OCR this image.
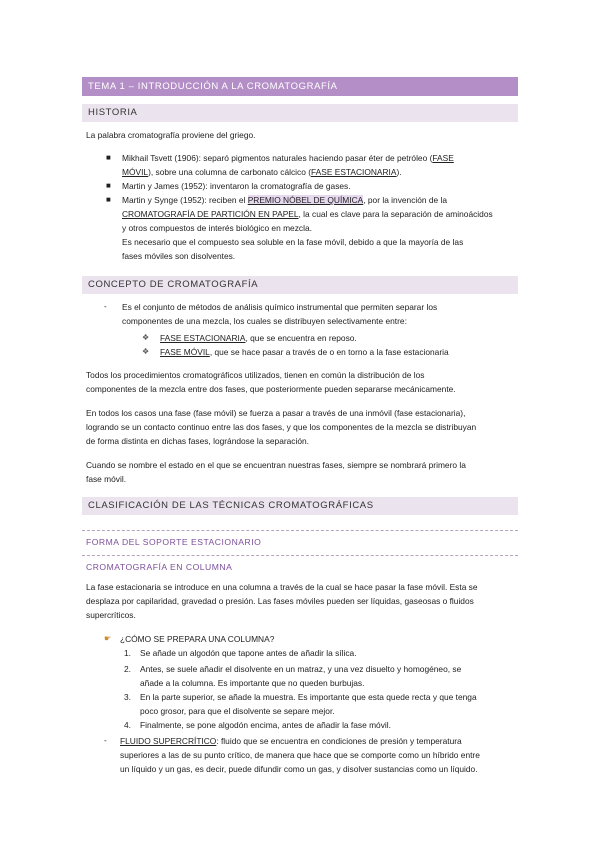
TEMA 1 – INTRODUCCIÓN A LA CROMATOGRAFÍA
HISTORIA
La palabra cromatografía proviene del griego.
■ Mikhail Tsvett (1906): separó pigmentos naturales haciendo pasar éter de petróleo (FASE
MÓVIL), sobre una columna de carbonato cálcico (FASE ESTACIONARIA).
■ Martin y James (1952): inventaron la cromatografía de gases.
■ Martin y Synge (1952): reciben el PREMIO NÓBEL DE QUÍMICA, por la invención de la
CROMATOGRAFÍA DE PARTICIÓN EN PAPEL, la cual es clave para la separación de aminoácidos
y otros compuestos de interés biológico en mezcla.
Es necesario que el compuesto sea soluble en la fase móvil, debido a que la mayoría de las
fases móviles son disolventes.
CONCEPTO DE CROMATOGRAFÍA
- Es el conjunto de métodos de análisis químico instrumental que permiten separar los
componentes de una mezcla, los cuales se distribuyen selectivamente entre:
❖ FASE ESTACIONARIA, que se encuentra en reposo.
❖ FASE MÓVIL, que se hace pasar a través de o en torno a la fase estacionaria
Todos los procedimientos cromatográficos utilizados, tienen en común la distribución de los
componentes de la mezcla entre dos fases, que posteriormente pueden separarse mecánicamente.
En todos los casos una fase (fase móvil) se fuerza a pasar a través de una inmóvil (fase estacionaria),
logrando se un contacto continuo entre las dos fases, y que los componentes de la mezcla se distribuyan
de forma distinta en dichas fases, lográndose la separación.
Cuando se nombre el estado en el que se encuentran nuestras fases, siempre se nombrará primero la
fase móvil.
CLASIFICACIÓN DE LAS TÉCNICAS CROMATOGRÁFICAS
FORMA DEL SOPORTE ESTACIONARIO
CROMATOGRAFÍA EN COLUMNA
La fase estacionaria se introduce en una columna a través de la cual se hace pasar la fase móvil. Esta se
desplaza por capilaridad, gravedad o presión. Las fases móviles pueden ser líquidas, gaseosas o fluidos
supercríticos.
☛ ¿CÓMO SE PREPARA UNA COLUMNA?
1. Se añade un algodón que tapone antes de añadir la sílica.
2. Antes, se suele añadir el disolvente en un matraz, y una vez disuelto y homogéneo, se
añade a la columna. Es importante que no queden burbujas.
3. En la parte superior, se añade la muestra. Es importante que esta quede recta y que tenga
poco grosor, para que el disolvente se separe mejor.
4. Finalmente, se pone algodón encima, antes de añadir la fase móvil.
- FLUIDO SUPERCRÍTICO: fluido que se encuentra en condiciones de presión y temperatura
superiores a las de su punto crítico, de manera que hace que se comporte como un híbrido entre
un líquido y un gas, es decir, puede difundir como un gas, y disolver sustancias como un líquido.
